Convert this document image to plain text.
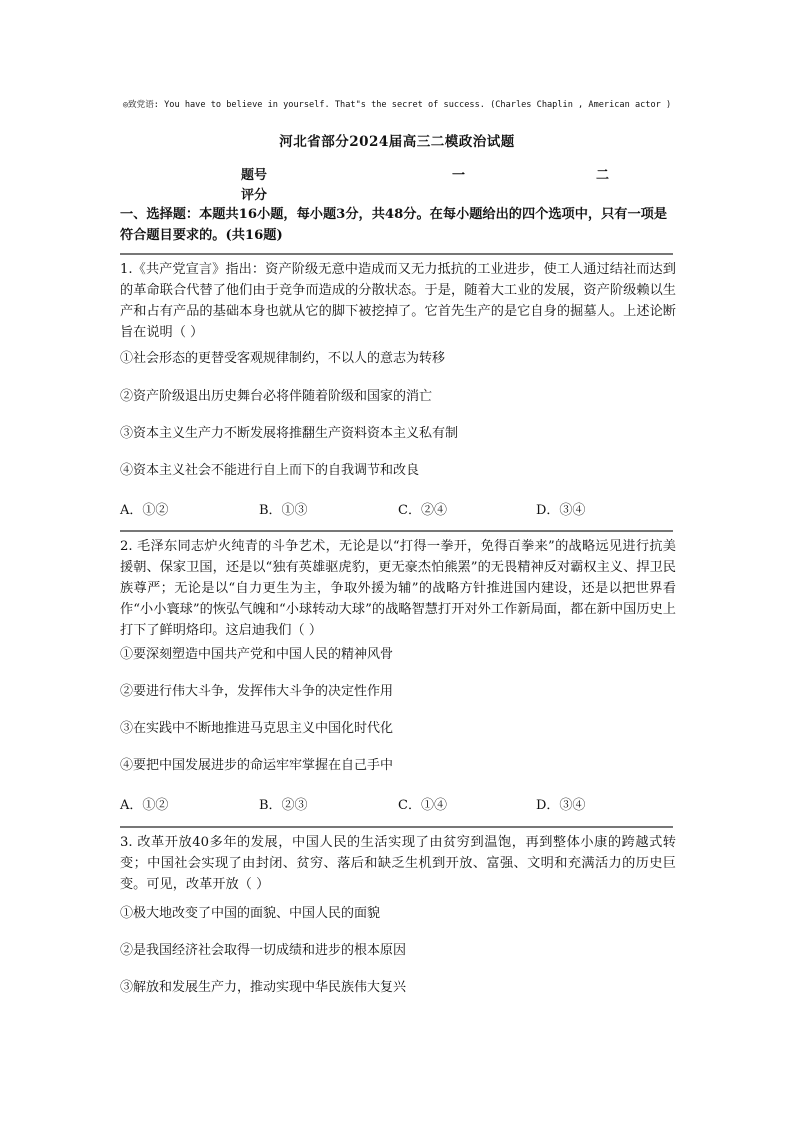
◎致党语: You have to believe in yourself. That"s the secret of success. (Charles Chaplin , American actor )
河北省部分2024届高三二模政治试题
题号	一	二
评分
一、选择题：本题共16小题，每小题3分，共48分。在每小题给出的四个选项中，只有一项是符合题目要求的。(共16题)
1.《共产党宣言》指出：资产阶级无意中造成而又无力抵抗的工业进步，使工人通过结社而达到的革命联合代替了他们由于竞争而造成的分散状态。于是，随着大工业的发展，资产阶级赖以生产和占有产品的基础本身也就从它的脚下被挖掉了。它首先生产的是它自身的掘墓人。上述论断旨在说明（ ）
①社会形态的更替受客观规律制约，不以人的意志为转移
②资产阶级退出历史舞台必将伴随着阶级和国家的消亡
③资本主义生产力不断发展将推翻生产资料资本主义私有制
④资本主义社会不能进行自上而下的自我调节和改良
A．①②	B．①③	C．②④	D．③④
2. 毛泽东同志炉火纯青的斗争艺术，无论是以“打得一拳开，免得百拳来”的战略远见进行抗美援朝、保家卫国，还是以“独有英雄驱虎豹，更无豪杰怕熊罴”的无畏精神反对霸权主义、捍卫民族尊严；无论是以“自力更生为主，争取外援为辅”的战略方针推进国内建设，还是以把世界看作“小小寰球”的恢弘气魄和“小球转动大球”的战略智慧打开对外工作新局面，都在新中国历史上打下了鲜明烙印。这启迪我们（ ）
①要深刻塑造中国共产党和中国人民的精神风骨
②要进行伟大斗争，发挥伟大斗争的决定性作用
③在实践中不断地推进马克思主义中国化时代化
④要把中国发展进步的命运牢牢掌握在自己手中
A．①②	B．②③	C．①④	D．③④
3. 改革开放40多年的发展，中国人民的生活实现了由贫穷到温饱，再到整体小康的跨越式转变；中国社会实现了由封闭、贫穷、落后和缺乏生机到开放、富强、文明和充满活力的历史巨变。可见，改革开放（ ）
①极大地改变了中国的面貌、中国人民的面貌
②是我国经济社会取得一切成绩和进步的根本原因
③解放和发展生产力，推动实现中华民族伟大复兴
